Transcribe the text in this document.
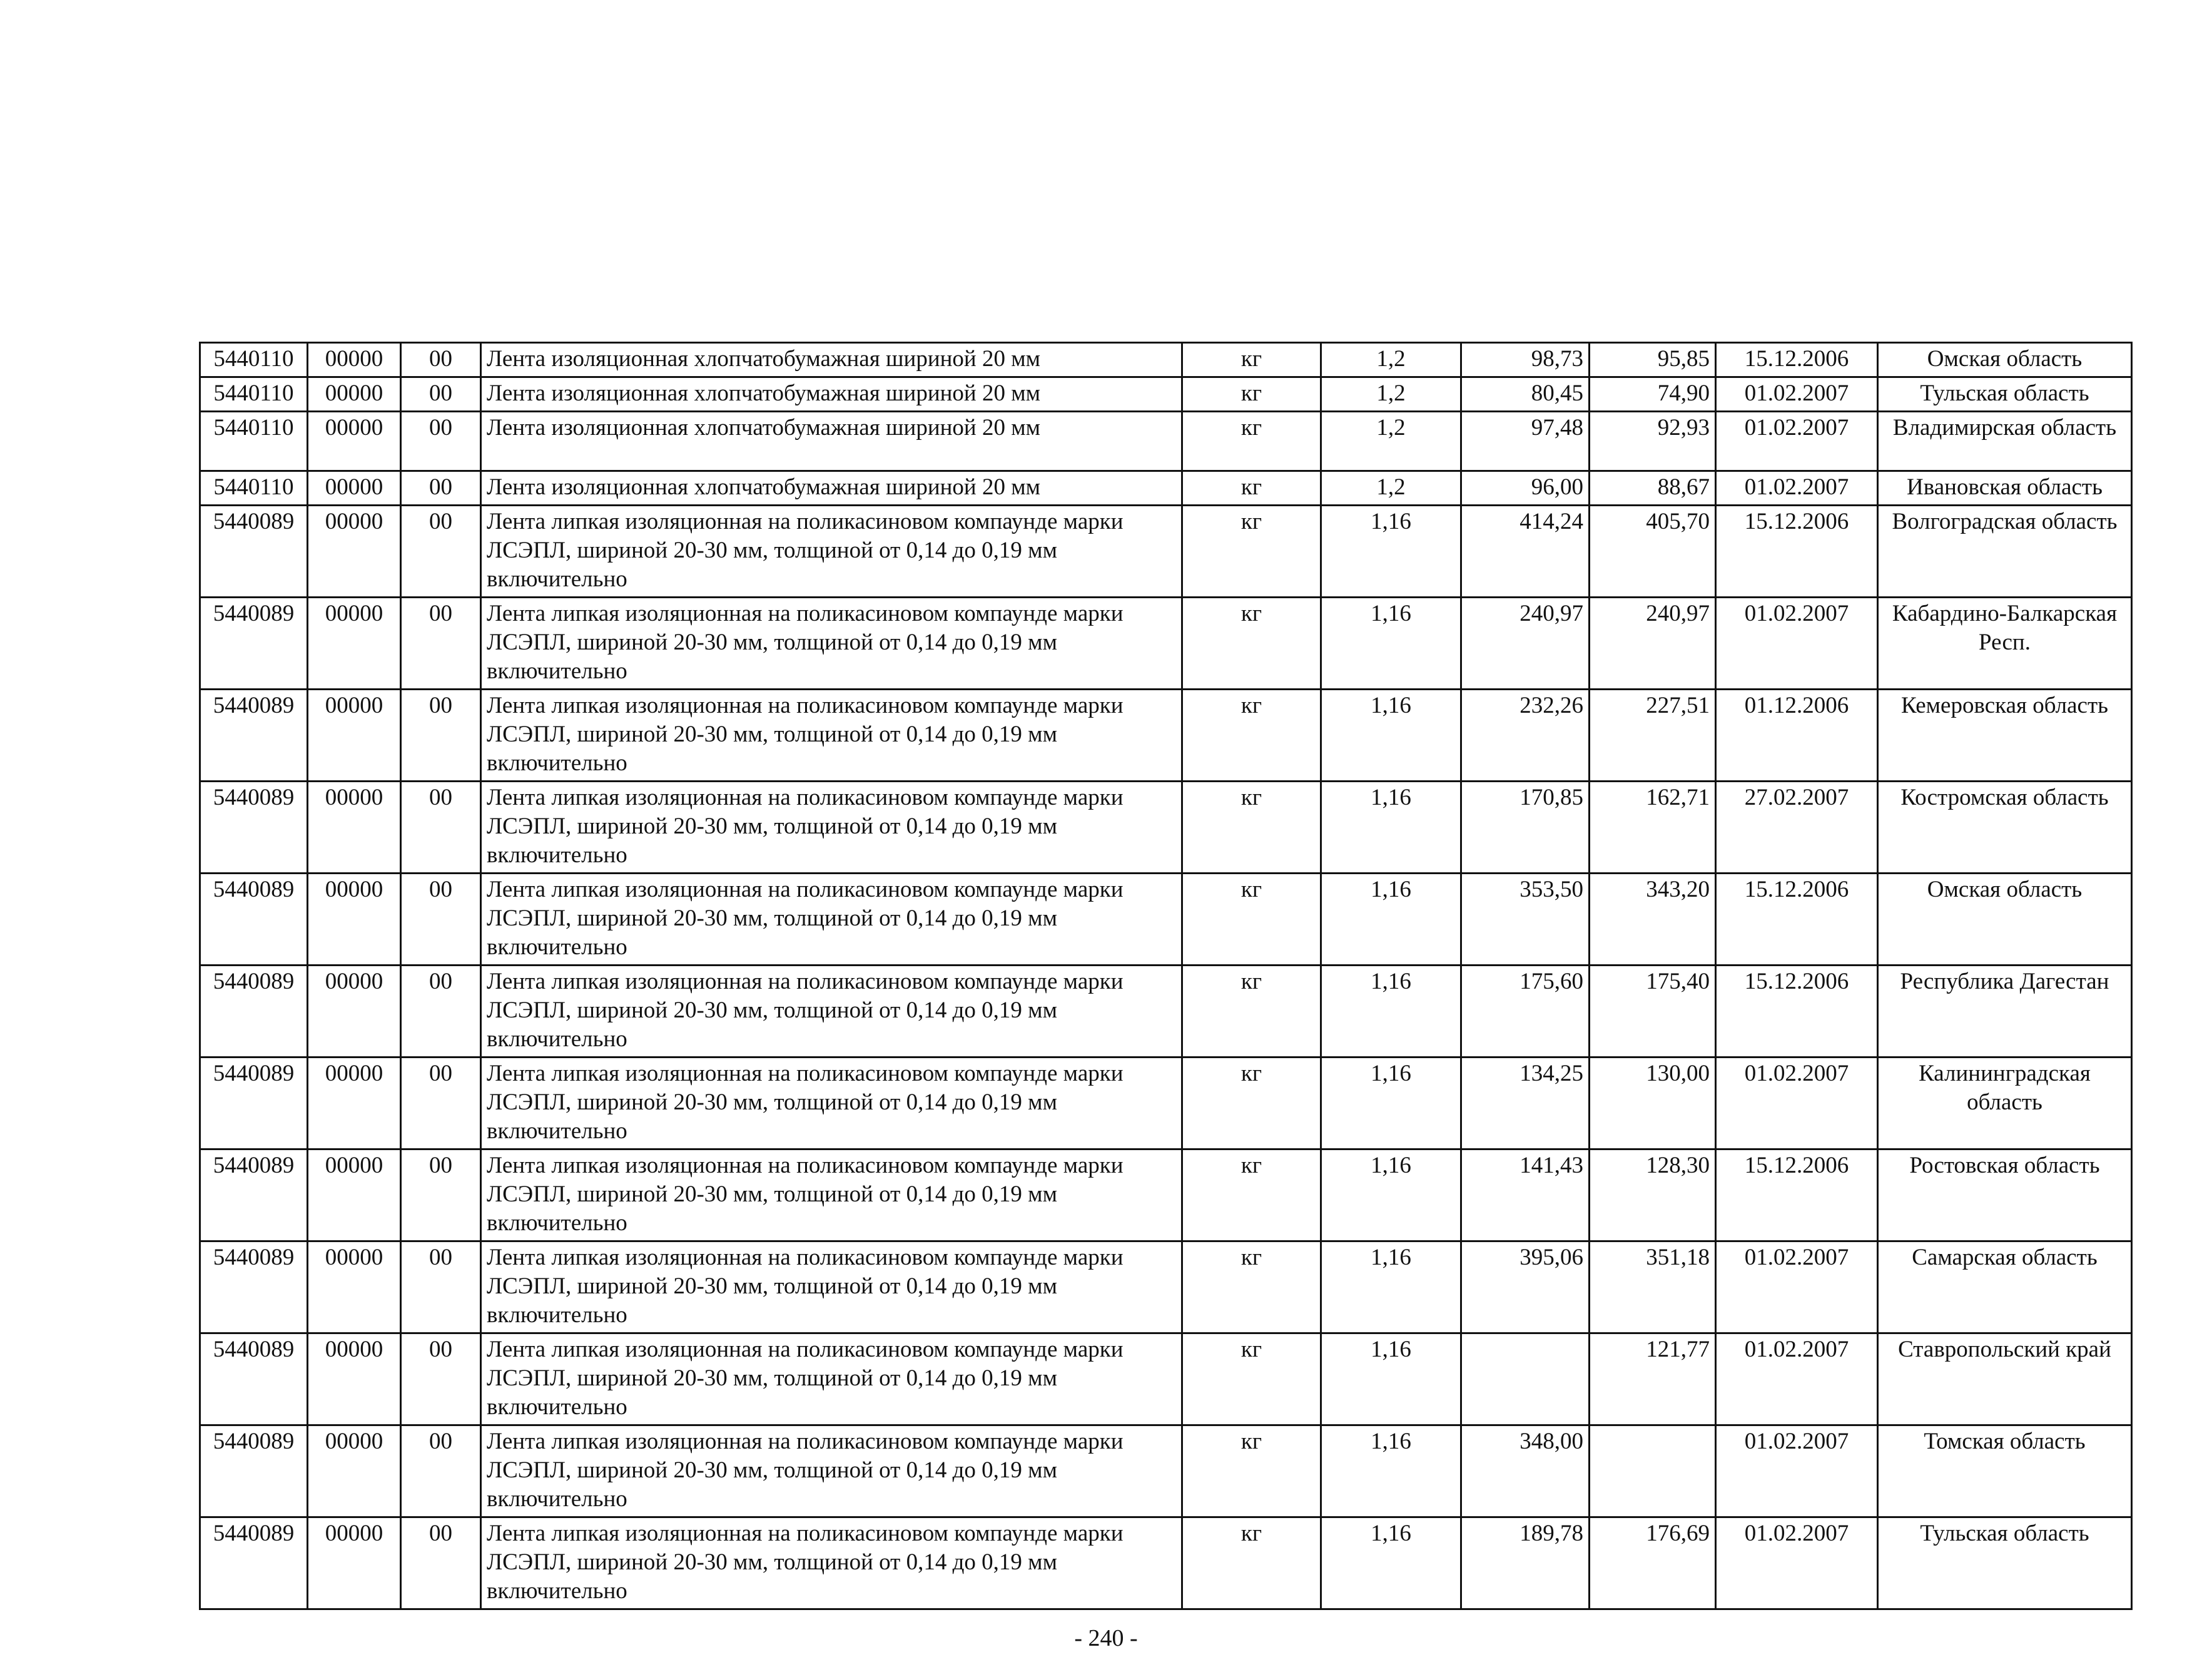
5440110	00000	00	Лента изоляционная хлопчатобумажная шириной 20 мм	кг	1,2	98,73	95,85	15.12.2006	Омская область
5440110	00000	00	Лента изоляционная хлопчатобумажная шириной 20 мм	кг	1,2	80,45	74,90	01.02.2007	Тульская область
5440110	00000	00	Лента изоляционная хлопчатобумажная шириной 20 мм	кг	1,2	97,48	92,93	01.02.2007	Владимирская область
5440110	00000	00	Лента изоляционная хлопчатобумажная шириной 20 мм	кг	1,2	96,00	88,67	01.02.2007	Ивановская область
5440089	00000	00	Лента липкая изоляционная на поликасиновом компаунде марки ЛСЭПЛ, шириной 20-30 мм, толщиной от 0,14 до 0,19 мм включительно	кг	1,16	414,24	405,70	15.12.2006	Волгоградская область
5440089	00000	00	Лента липкая изоляционная на поликасиновом компаунде марки ЛСЭПЛ, шириной 20-30 мм, толщиной от 0,14 до 0,19 мм включительно	кг	1,16	240,97	240,97	01.02.2007	Кабардино-Балкарская Респ.
5440089	00000	00	Лента липкая изоляционная на поликасиновом компаунде марки ЛСЭПЛ, шириной 20-30 мм, толщиной от 0,14 до 0,19 мм включительно	кг	1,16	232,26	227,51	01.12.2006	Кемеровская область
5440089	00000	00	Лента липкая изоляционная на поликасиновом компаунде марки ЛСЭПЛ, шириной 20-30 мм, толщиной от 0,14 до 0,19 мм включительно	кг	1,16	170,85	162,71	27.02.2007	Костромская область
5440089	00000	00	Лента липкая изоляционная на поликасиновом компаунде марки ЛСЭПЛ, шириной 20-30 мм, толщиной от 0,14 до 0,19 мм включительно	кг	1,16	353,50	343,20	15.12.2006	Омская область
5440089	00000	00	Лента липкая изоляционная на поликасиновом компаунде марки ЛСЭПЛ, шириной 20-30 мм, толщиной от 0,14 до 0,19 мм включительно	кг	1,16	175,60	175,40	15.12.2006	Республика Дагестан
5440089	00000	00	Лента липкая изоляционная на поликасиновом компаунде марки ЛСЭПЛ, шириной 20-30 мм, толщиной от 0,14 до 0,19 мм включительно	кг	1,16	134,25	130,00	01.02.2007	Калининградская область
5440089	00000	00	Лента липкая изоляционная на поликасиновом компаунде марки ЛСЭПЛ, шириной 20-30 мм, толщиной от 0,14 до 0,19 мм включительно	кг	1,16	141,43	128,30	15.12.2006	Ростовская область
5440089	00000	00	Лента липкая изоляционная на поликасиновом компаунде марки ЛСЭПЛ, шириной 20-30 мм, толщиной от 0,14 до 0,19 мм включительно	кг	1,16	395,06	351,18	01.02.2007	Самарская область
5440089	00000	00	Лента липкая изоляционная на поликасиновом компаунде марки ЛСЭПЛ, шириной 20-30 мм, толщиной от 0,14 до 0,19 мм включительно	кг	1,16		121,77	01.02.2007	Ставропольский край
5440089	00000	00	Лента липкая изоляционная на поликасиновом компаунде марки ЛСЭПЛ, шириной 20-30 мм, толщиной от 0,14 до 0,19 мм включительно	кг	1,16	348,00		01.02.2007	Томская область
5440089	00000	00	Лента липкая изоляционная на поликасиновом компаунде марки ЛСЭПЛ, шириной 20-30 мм, толщиной от 0,14 до 0,19 мм включительно	кг	1,16	189,78	176,69	01.02.2007	Тульская область
- 240 -
